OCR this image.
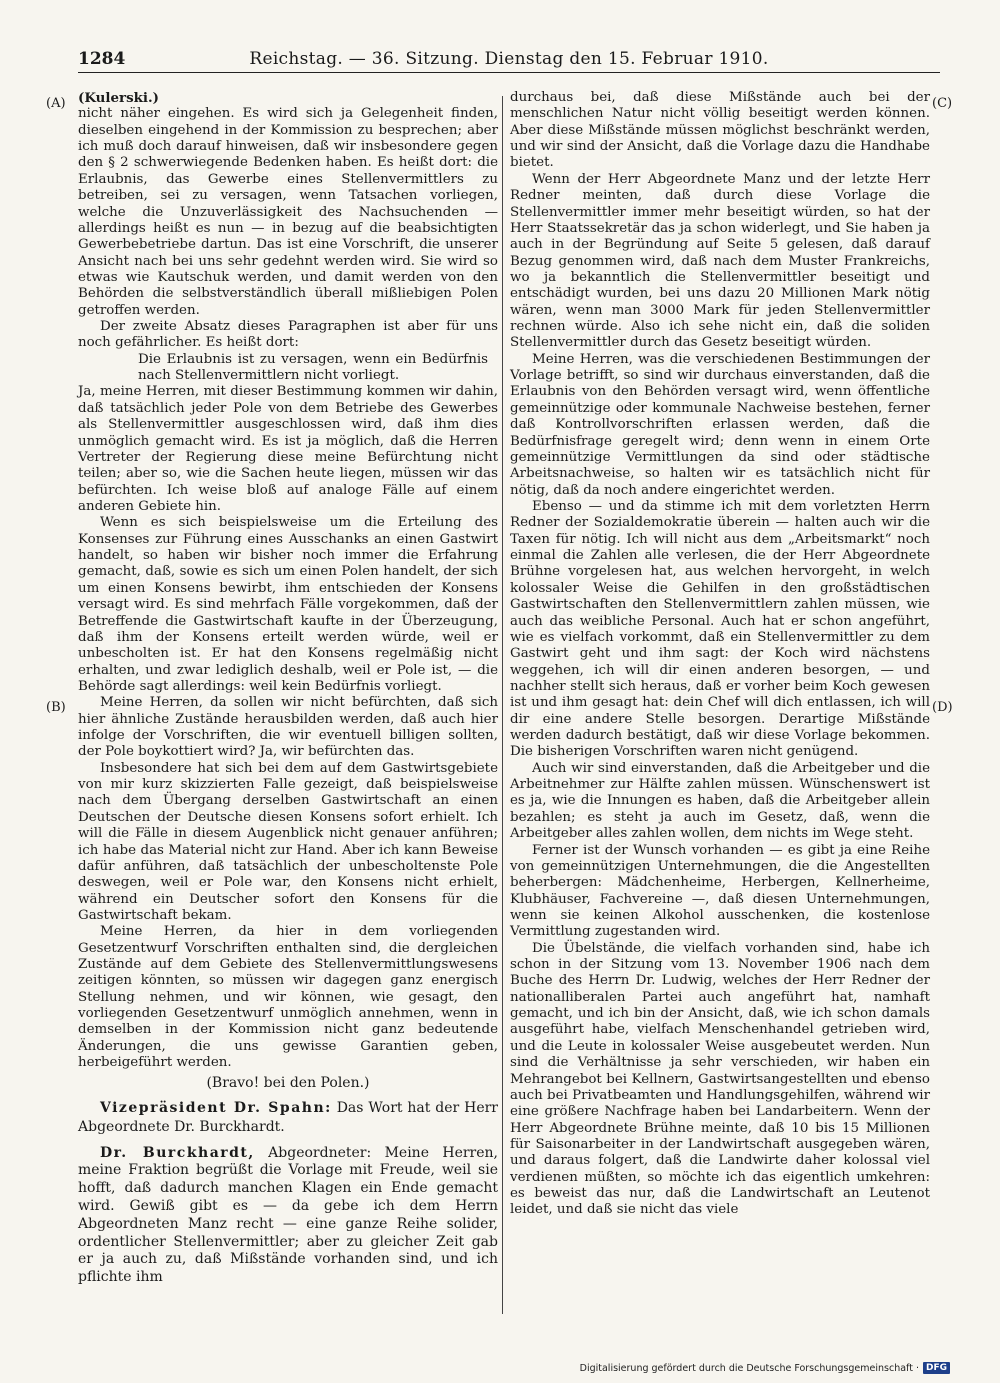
1284	Reichstag. — 36. Sitzung. Dienstag den 15. Februar 1910.
(A)
(B)
(C)
(D)

(Kulerski.)

nicht näher eingehen. Es wird sich ja Gelegenheit finden, dieselben eingehend in der Kommission zu besprechen; aber ich muß doch darauf hinweisen, daß wir insbesondere gegen den § 2 schwerwiegende Bedenken haben. Es heißt dort: die Erlaubnis, das Gewerbe eines Stellenvermittlers zu betreiben, sei zu versagen, wenn Tatsachen vorliegen, welche die Unzuverlässigkeit des Nachsuchenden — allerdings heißt es nun — in bezug auf die beabsichtigten Gewerbebetriebe dartun. Das ist eine Vorschrift, die unserer Ansicht nach bei uns sehr gedehnt werden wird. Sie wird so etwas wie Kautschuk werden, und damit werden von den Behörden die selbstverständlich überall mißliebigen Polen getroffen werden.

Der zweite Absatz dieses Paragraphen ist aber für uns noch gefährlicher. Es heißt dort:

Die Erlaubnis ist zu versagen, wenn ein Bedürfnis nach Stellenvermittlern nicht vorliegt.

Ja, meine Herren, mit dieser Bestimmung kommen wir dahin, daß tatsächlich jeder Pole von dem Betriebe des Gewerbes als Stellenvermittler ausgeschlossen wird, daß ihm dies unmöglich gemacht wird. Es ist ja möglich, daß die Herren Vertreter der Regierung diese meine Befürchtung nicht teilen; aber so, wie die Sachen heute liegen, müssen wir das befürchten. Ich weise bloß auf analoge Fälle auf einem anderen Gebiete hin.

Wenn es sich beispielsweise um die Erteilung des Konsenses zur Führung eines Ausschanks an einen Gastwirt handelt, so haben wir bisher noch immer die Erfahrung gemacht, daß, sowie es sich um einen Polen handelt, der sich um einen Konsens bewirbt, ihm entschieden der Konsens versagt wird. Es sind mehrfach Fälle vorgekommen, daß der Betreffende die Gastwirtschaft kaufte in der Überzeugung, daß ihm der Konsens erteilt werden würde, weil er unbescholten ist. Er hat den Konsens regelmäßig nicht erhalten, und zwar lediglich deshalb, weil er Pole ist, — die Behörde sagt allerdings: weil kein Bedürfnis vorliegt.

Meine Herren, da sollen wir nicht befürchten, daß sich hier ähnliche Zustände herausbilden werden, daß auch hier infolge der Vorschriften, die wir eventuell billigen sollten, der Pole boykottiert wird? Ja, wir befürchten das.

Insbesondere hat sich bei dem auf dem Gastwirtsgebiete von mir kurz skizzierten Falle gezeigt, daß beispielsweise nach dem Übergang derselben Gastwirtschaft an einen Deutschen der Deutsche diesen Konsens sofort erhielt. Ich will die Fälle in diesem Augenblick nicht genauer anführen; ich habe das Material nicht zur Hand. Aber ich kann Beweise dafür anführen, daß tatsächlich der unbescholtenste Pole deswegen, weil er Pole war, den Konsens nicht erhielt, während ein Deutscher sofort den Konsens für die Gastwirtschaft bekam.

Meine Herren, da hier in dem vorliegenden Gesetzentwurf Vorschriften enthalten sind, die dergleichen Zustände auf dem Gebiete des Stellenvermittlungswesens zeitigen könnten, so müssen wir dagegen ganz energisch Stellung nehmen, und wir können, wie gesagt, den vorliegenden Gesetzentwurf unmöglich annehmen, wenn in demselben in der Kommission nicht ganz bedeutende Änderungen, die uns gewisse Garantien geben, herbeigeführt werden.

(Bravo! bei den Polen.)

Vizepräsident Dr. Spahn: Das Wort hat der Herr Abgeordnete Dr. Burckhardt.

Dr. Burckhardt, Abgeordneter: Meine Herren, meine Fraktion begrüßt die Vorlage mit Freude, weil sie hofft, daß dadurch manchen Klagen ein Ende gemacht wird. Gewiß gibt es — da gebe ich dem Herrn Abgeordneten Manz recht — eine ganze Reihe solider, ordentlicher Stellenvermittler; aber zu gleicher Zeit gab er ja auch zu, daß Mißstände vorhanden sind, und ich pflichte ihm

durchaus bei, daß diese Mißstände auch bei der menschlichen Natur nicht völlig beseitigt werden können. Aber diese Mißstände müssen möglichst beschränkt werden, und wir sind der Ansicht, daß die Vorlage dazu die Handhabe bietet.

Wenn der Herr Abgeordnete Manz und der letzte Herr Redner meinten, daß durch diese Vorlage die Stellenvermittler immer mehr beseitigt würden, so hat der Herr Staatssekretär das ja schon widerlegt, und Sie haben ja auch in der Begründung auf Seite 5 gelesen, daß darauf Bezug genommen wird, daß nach dem Muster Frankreichs, wo ja bekanntlich die Stellenvermittler beseitigt und entschädigt wurden, bei uns dazu 20 Millionen Mark nötig wären, wenn man 3000 Mark für jeden Stellenvermittler rechnen würde. Also ich sehe nicht ein, daß die soliden Stellenvermittler durch das Gesetz beseitigt würden.

Meine Herren, was die verschiedenen Bestimmungen der Vorlage betrifft, so sind wir durchaus einverstanden, daß die Erlaubnis von den Behörden versagt wird, wenn öffentliche gemeinnützige oder kommunale Nachweise bestehen, ferner daß Kontrollvorschriften erlassen werden, daß die Bedürfnisfrage geregelt wird; denn wenn in einem Orte gemeinnützige Vermittlungen da sind oder städtische Arbeitsnachweise, so halten wir es tatsächlich nicht für nötig, daß da noch andere eingerichtet werden.

Ebenso — und da stimme ich mit dem vorletzten Herrn Redner der Sozialdemokratie überein — halten auch wir die Taxen für nötig. Ich will nicht aus dem „Arbeitsmarkt“ noch einmal die Zahlen alle verlesen, die der Herr Abgeordnete Brühne vorgelesen hat, aus welchen hervorgeht, in welch kolossaler Weise die Gehilfen in den großstädtischen Gastwirtschaften den Stellenvermittlern zahlen müssen, wie auch das weibliche Personal. Auch hat er schon angeführt, wie es vielfach vorkommt, daß ein Stellenvermittler zu dem Gastwirt geht und ihm sagt: der Koch wird nächstens weggehen, ich will dir einen anderen besorgen, — und nachher stellt sich heraus, daß er vorher beim Koch gewesen ist und ihm gesagt hat: dein Chef will dich entlassen, ich will dir eine andere Stelle besorgen. Derartige Mißstände werden dadurch bestätigt, daß wir diese Vorlage bekommen. Die bisherigen Vorschriften waren nicht genügend.

Auch wir sind einverstanden, daß die Arbeitgeber und die Arbeitnehmer zur Hälfte zahlen müssen. Wünschenswert ist es ja, wie die Innungen es haben, daß die Arbeitgeber allein bezahlen; es steht ja auch im Gesetz, daß, wenn die Arbeitgeber alles zahlen wollen, dem nichts im Wege steht.

Ferner ist der Wunsch vorhanden — es gibt ja eine Reihe von gemeinnützigen Unternehmungen, die die Angestellten beherbergen: Mädchenheime, Herbergen, Kellnerheime, Klubhäuser, Fachvereine —, daß diesen Unternehmungen, wenn sie keinen Alkohol ausschenken, die kostenlose Vermittlung zugestanden wird.

Die Übelstände, die vielfach vorhanden sind, habe ich schon in der Sitzung vom 13. November 1906 nach dem Buche des Herrn Dr. Ludwig, welches der Herr Redner der nationalliberalen Partei auch angeführt hat, namhaft gemacht, und ich bin der Ansicht, daß, wie ich schon damals ausgeführt habe, vielfach Menschenhandel getrieben wird, und die Leute in kolossaler Weise ausgebeutet werden. Nun sind die Verhältnisse ja sehr verschieden, wir haben ein Mehrangebot bei Kellnern, Gastwirtsangestellten und ebenso auch bei Privatbeamten und Handlungsgehilfen, während wir eine größere Nachfrage haben bei Landarbeitern. Wenn der Herr Abgeordnete Brühne meinte, daß 10 bis 15 Millionen für Saisonarbeiter in der Landwirtschaft ausgegeben wären, und daraus folgert, daß die Landwirte daher kolossal viel verdienen müßten, so möchte ich das eigentlich umkehren: es beweist das nur, daß die Landwirtschaft an Leutenot leidet, und daß sie nicht das viele

Digitalisierung gefördert durch die Deutsche Forschungsgemeinschaft · DFG
